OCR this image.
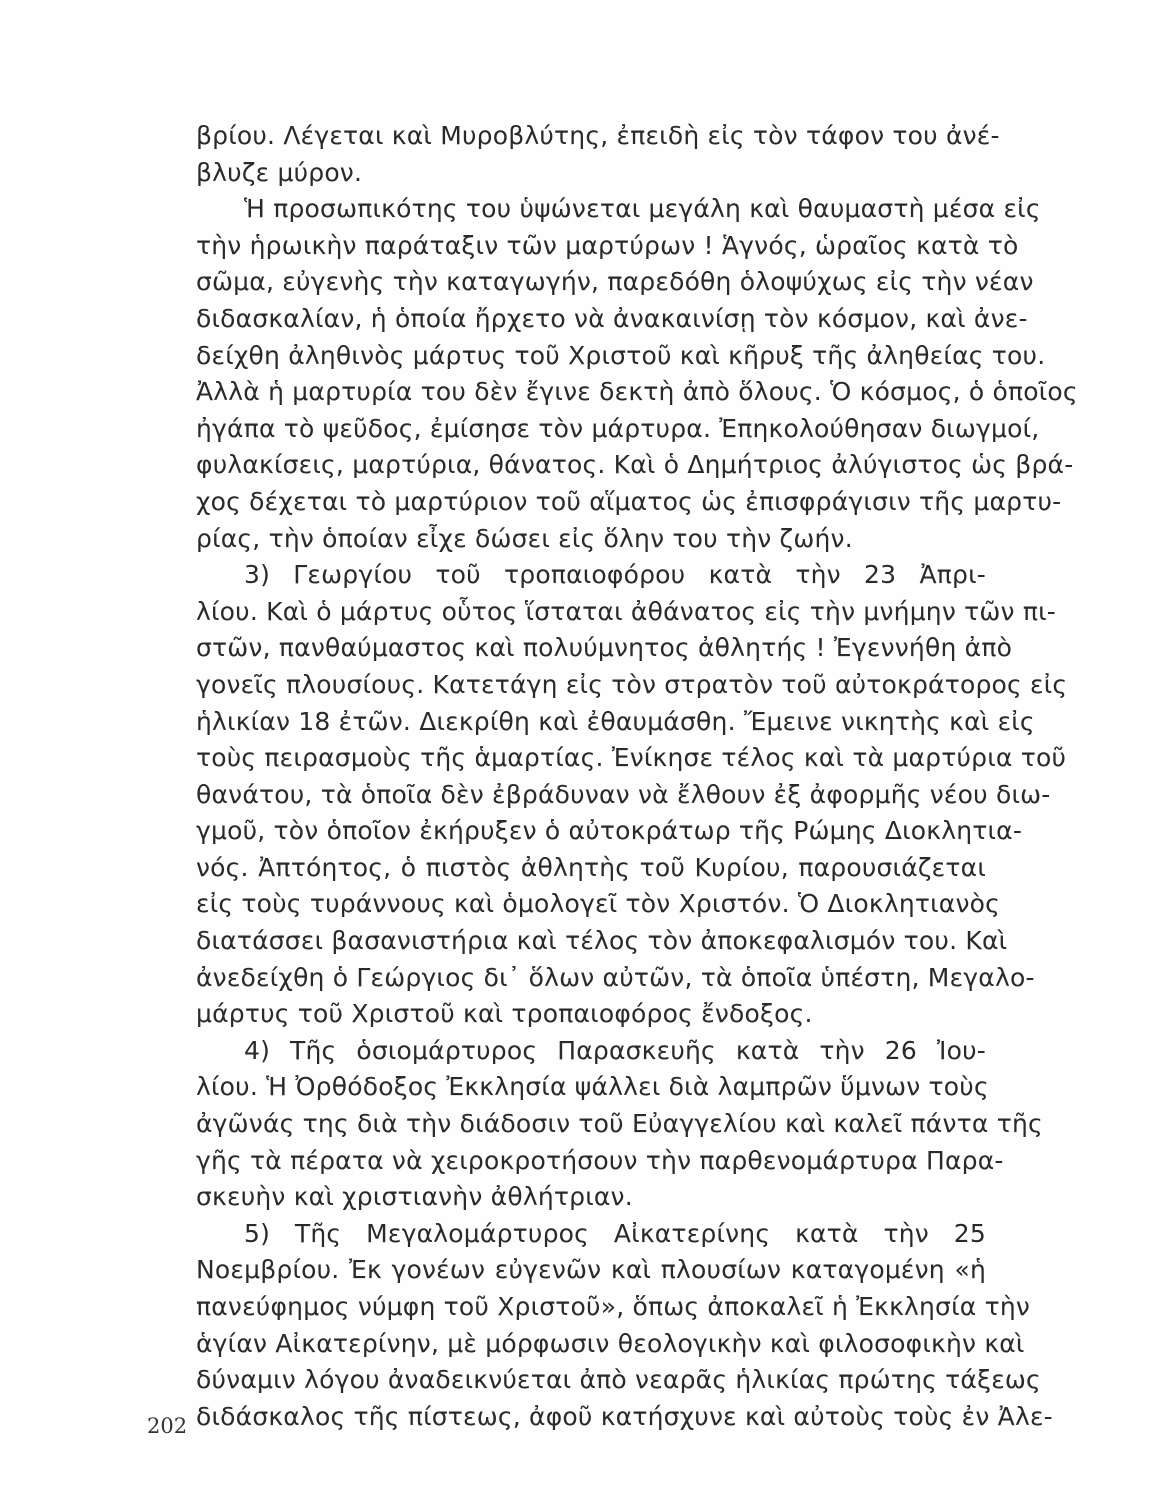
βρίου. Λέγεται καὶ Μυροβλύτης, ἐπειδὴ εἰς τὸν τάφον του ἀνέ-
βλυζε μύρον.
Ἡ προσωπικότης του ὑψώνεται μεγάλη καὶ θαυμαστὴ μέσα εἰς
τὴν ἡρωικὴν παράταξιν τῶν μαρτύρων ! Ἁγνός, ὡραῖος κατὰ τὸ
σῶμα, εὐγενὴς τὴν καταγωγήν, παρεδόθη ὁλοψύχως εἰς τὴν νέαν
διδασκαλίαν, ἡ ὁποία ἤρχετο νὰ ἀνακαινίσῃ τὸν κόσμον, καὶ ἀνε-
δείχθη ἀληθινὸς μάρτυς τοῦ Χριστοῦ καὶ κῆρυξ τῆς ἀληθείας του.
Ἀλλὰ ἡ μαρτυρία του δὲν ἔγινε δεκτὴ ἀπὸ ὅλους. Ὁ κόσμος, ὁ ὁποῖος
ἠγάπα τὸ ψεῦδος, ἐμίσησε τὸν μάρτυρα. Ἐπηκολούθησαν διωγμοί,
φυλακίσεις, μαρτύρια, θάνατος. Καὶ ὁ Δημήτριος ἀλύγιστος ὡς βρά-
χος δέχεται τὸ μαρτύριον τοῦ αἵματος ὡς ἐπισφράγισιν τῆς μαρτυ-
ρίας, τὴν ὁποίαν εἶχε δώσει εἰς ὅλην του τὴν ζωήν.
3) Γεωργίου τοῦ τροπαιοφόρου κατὰ τὴν 23 Ἀπρι-
λίου. Καὶ ὁ μάρτυς οὗτος ἵσταται ἀθάνατος εἰς τὴν μνήμην τῶν πι-
στῶν, πανθαύμαστος καὶ πολυύμνητος ἀθλητής ! Ἐγεννήθη ἀπὸ
γονεῖς πλουσίους. Κατετάγη εἰς τὸν στρατὸν τοῦ αὐτοκράτορος εἰς
ἡλικίαν 18 ἐτῶν. Διεκρίθη καὶ ἐθαυμάσθη. Ἔμεινε νικητὴς καὶ εἰς
τοὺς πειρασμοὺς τῆς ἁμαρτίας. Ἐνίκησε τέλος καὶ τὰ μαρτύρια τοῦ
θανάτου, τὰ ὁποῖα δὲν ἐβράδυναν νὰ ἔλθουν ἐξ ἀφορμῆς νέου διω-
γμοῦ, τὸν ὁποῖον ἐκήρυξεν ὁ αὐτοκράτωρ τῆς Ρώμης Διοκλητια-
νός. Ἀπτόητος, ὁ πιστὸς ἀθλητὴς τοῦ Κυρίου, παρουσιάζεται
εἰς τοὺς τυράννους καὶ ὁμολογεῖ τὸν Χριστόν. Ὁ Διοκλητιανὸς
διατάσσει βασανιστήρια καὶ τέλος τὸν ἀποκεφαλισμόν του. Καὶ
ἀνεδείχθη ὁ Γεώργιος δι᾽ ὅλων αὐτῶν, τὰ ὁποῖα ὑπέστη, Μεγαλο-
μάρτυς τοῦ Χριστοῦ καὶ τροπαιοφόρος ἔνδοξος.
4) Τῆς ὁσιομάρτυρος Παρασκευῆς κατὰ τὴν 26 Ἰου-
λίου. Ἡ Ὀρθόδοξος Ἐκκλησία ψάλλει διὰ λαμπρῶν ὕμνων τοὺς
ἀγῶνάς της διὰ τὴν διάδοσιν τοῦ Εὐαγγελίου καὶ καλεῖ πάντα τῆς
γῆς τὰ πέρατα νὰ χειροκροτήσουν τὴν παρθενομάρτυρα Παρα-
σκευὴν καὶ χριστιανὴν ἀθλήτριαν.
5) Τῆς Μεγαλομάρτυρος Αἰκατερίνης κατὰ τὴν 25
Νοεμβρίου. Ἐκ γονέων εὐγενῶν καὶ πλουσίων καταγομένη «ἡ
πανεύφημος νύμφη τοῦ Χριστοῦ», ὅπως ἀποκαλεῖ ἡ Ἐκκλησία τὴν
ἁγίαν Αἰκατερίνην, μὲ μόρφωσιν θεολογικὴν καὶ φιλοσοφικὴν καὶ
δύναμιν λόγου ἀναδεικνύεται ἀπὸ νεαρᾶς ἡλικίας πρώτης τάξεως
διδάσκαλος τῆς πίστεως, ἀφοῦ κατήσχυνε καὶ αὐτοὺς τοὺς ἐν Ἀλε-
202
